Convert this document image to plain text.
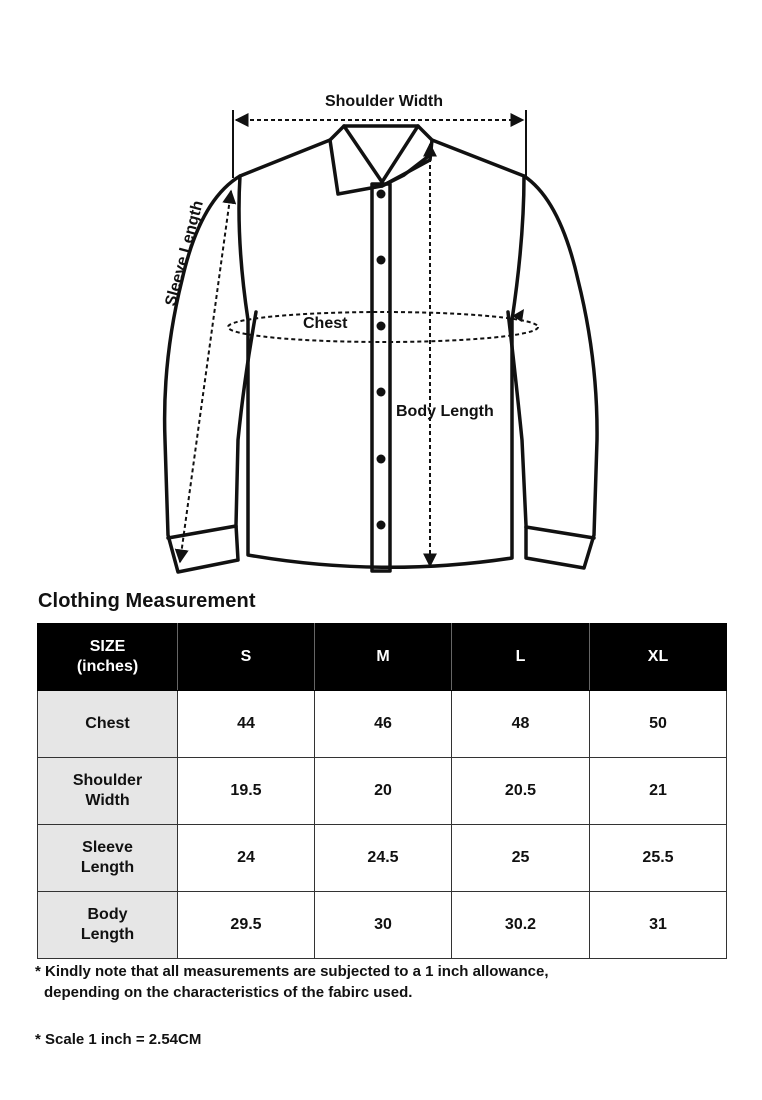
Shoulder Width
Sleeve Length
Chest
Body Length
Clothing Measurement
SIZE
(inches)	S	M	L	XL
Chest	44	46	48	50
Shoulder
Width	19.5	20	20.5	21
Sleeve
Length	24	24.5	25	25.5
Body
Length	29.5	30	30.2	31

* Kindly note that all measurements are subjected to a 1 inch allowance,
depending on the characteristics of the fabirc used.

* Scale 1 inch = 2.54CM
